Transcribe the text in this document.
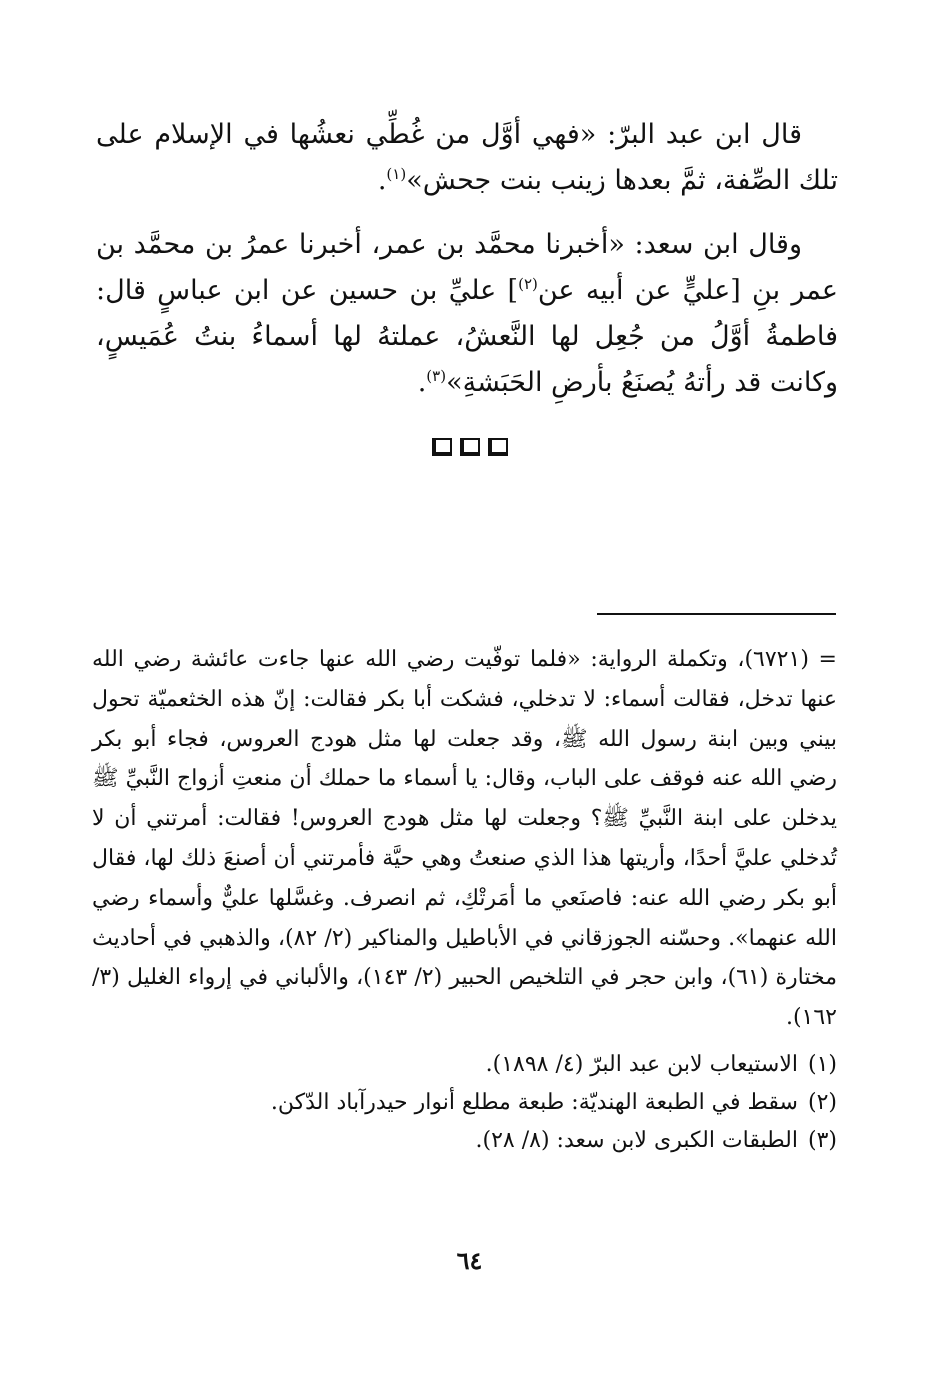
قال ابن عبد البرّ: «فهي أوَّل من غُطِّي نعشُها في الإسلام على تلك الصِّفة، ثمَّ بعدها زينب بنت جحش»$^{(١)}$.

وقال ابن سعد: «أخبرنا محمَّد بن عمر، أخبرنا عمرُ بن محمَّد بن عمر بنِ [عليٍّ عن أبيه عن$^{(٢)}$] عليِّ بن حسين عن ابن عباسٍ قال: فاطمةُ أوَّلُ من جُعِل لها النَّعشُ، عملتهُ لها أسماءُ بنتُ عُمَيسٍ، وكانت قد رأتهُ يُصنَعُ بأرضِ الحَبَشةِ»$^{(٣)}$.

= (٦٧٢١)، وتكملة الرواية: «فلما توفّيت رضي الله عنها جاءت عائشة رضي الله عنها تدخل، فقالت أسماء: لا تدخلي، فشكت أبا بكر فقالت: إنّ هذه الخثعميّة تحول بيني وبين ابنة رسول الله ﷺ، وقد جعلت لها مثل هودج العروس، فجاء أبو بكر رضي الله عنه فوقف على الباب، وقال: يا أسماء ما حملك أن منعتِ أزواج النَّبيِّ ﷺ يدخلن على ابنة النَّبيِّ ﷺ؟ وجعلت لها مثل هودج العروس! فقالت: أمرتني أن لا تُدخلي عليَّ أحدًا، وأريتها هذا الذي صنعتُ وهي حيَّة فأمرتني أن أصنعَ ذلك لها، فقال أبو بكر رضي الله عنه: فاصنَعي ما أمَرتْكِ، ثم انصرف. وغسَّلها عليٌّ وأسماء رضي الله عنهما». وحسّنه الجوزقاني في الأباطيل والمناكير (٢/ ٨٢)، والذهبي في أحاديث مختارة (٦١)، وابن حجر في التلخيص الحبير (٢/ ١٤٣)، والألباني في إرواء الغليل (٣/ ١٦٢).

(١)
الاستيعاب لابن عبد البرّ (٤/ ١٨٩٨).
(٢)
سقط في الطبعة الهنديّة: طبعة مطلع أنوار حيدرآباد الدّكن.
(٣)
الطبقات الكبرى لابن سعد: (٨/ ٢٨).
٦٤
